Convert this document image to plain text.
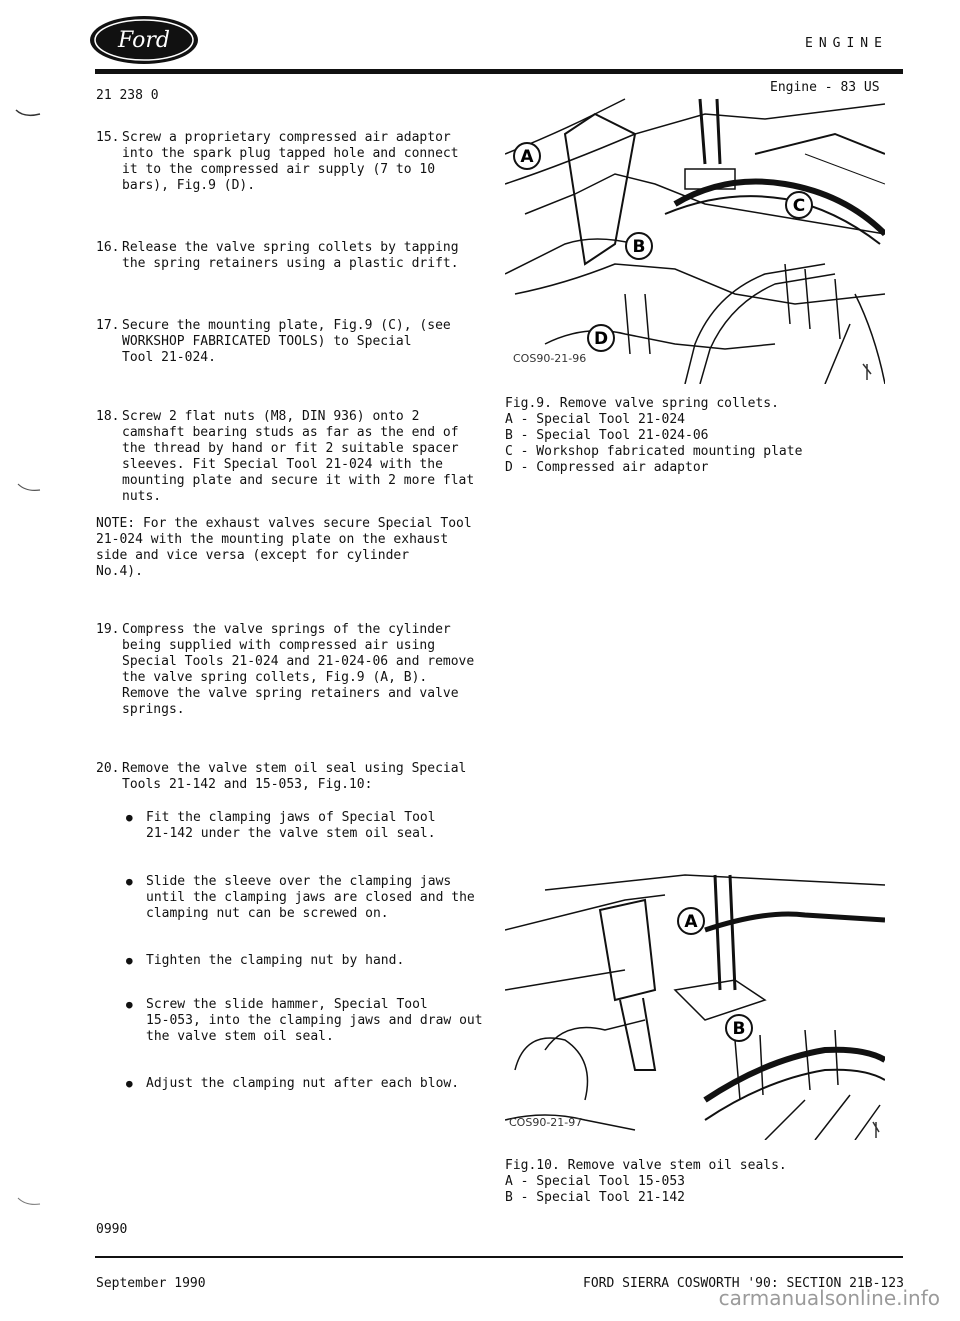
Ford	ENGINE
21 238 0
Engine - 83 US
15. Screw a proprietary compressed air adaptor
into the spark plug tapped hole and connect
it to the compressed air supply (7 to 10
bars), Fig.9 (D).
16. Release the valve spring collets by tapping
the spring retainers using a plastic drift.
17. Secure the mounting plate, Fig.9 (C), (see
WORKSHOP FABRICATED TOOLS) to Special
Tool 21-024.
18. Screw 2 flat nuts (M8, DIN 936) onto 2
camshaft bearing studs as far as the end of
the thread by hand or fit 2 suitable spacer
sleeves. Fit Special Tool 21-024 with the
mounting plate and secure it with 2 more flat
nuts.
NOTE: For the exhaust valves secure Special Tool
21-024 with the mounting plate on the exhaust
side and vice versa (except for cylinder
No.4).
19. Compress the valve springs of the cylinder
being supplied with compressed air using
Special Tools 21-024 and 21-024-06 and remove
the valve spring collets, Fig.9 (A, B).
Remove the valve spring retainers and valve
springs.
20. Remove the valve stem oil seal using Special
Tools 21-142 and 15-053, Fig.10:
● Fit the clamping jaws of Special Tool
21-142 under the valve stem oil seal.
● Slide the sleeve over the clamping jaws
until the clamping jaws are closed and the
clamping nut can be screwed on.
● Tighten the clamping nut by hand.
● Screw the slide hammer, Special Tool
15-053, into the clamping jaws and draw out
the valve stem oil seal.
● Adjust the clamping nut after each blow.
A
B
C
D
COS90-21-96
Fig.9. Remove valve spring collets.
A - Special Tool 21-024
B - Special Tool 21-024-06
C - Workshop fabricated mounting plate
D - Compressed air adaptor
A
B
COS90-21-97
Fig.10. Remove valve stem oil seals.
A - Special Tool 15-053
B - Special Tool 21-142
0990
September 1990	FORD SIERRA COSWORTH '90: SECTION 21B-123
carmanualsonline.info
